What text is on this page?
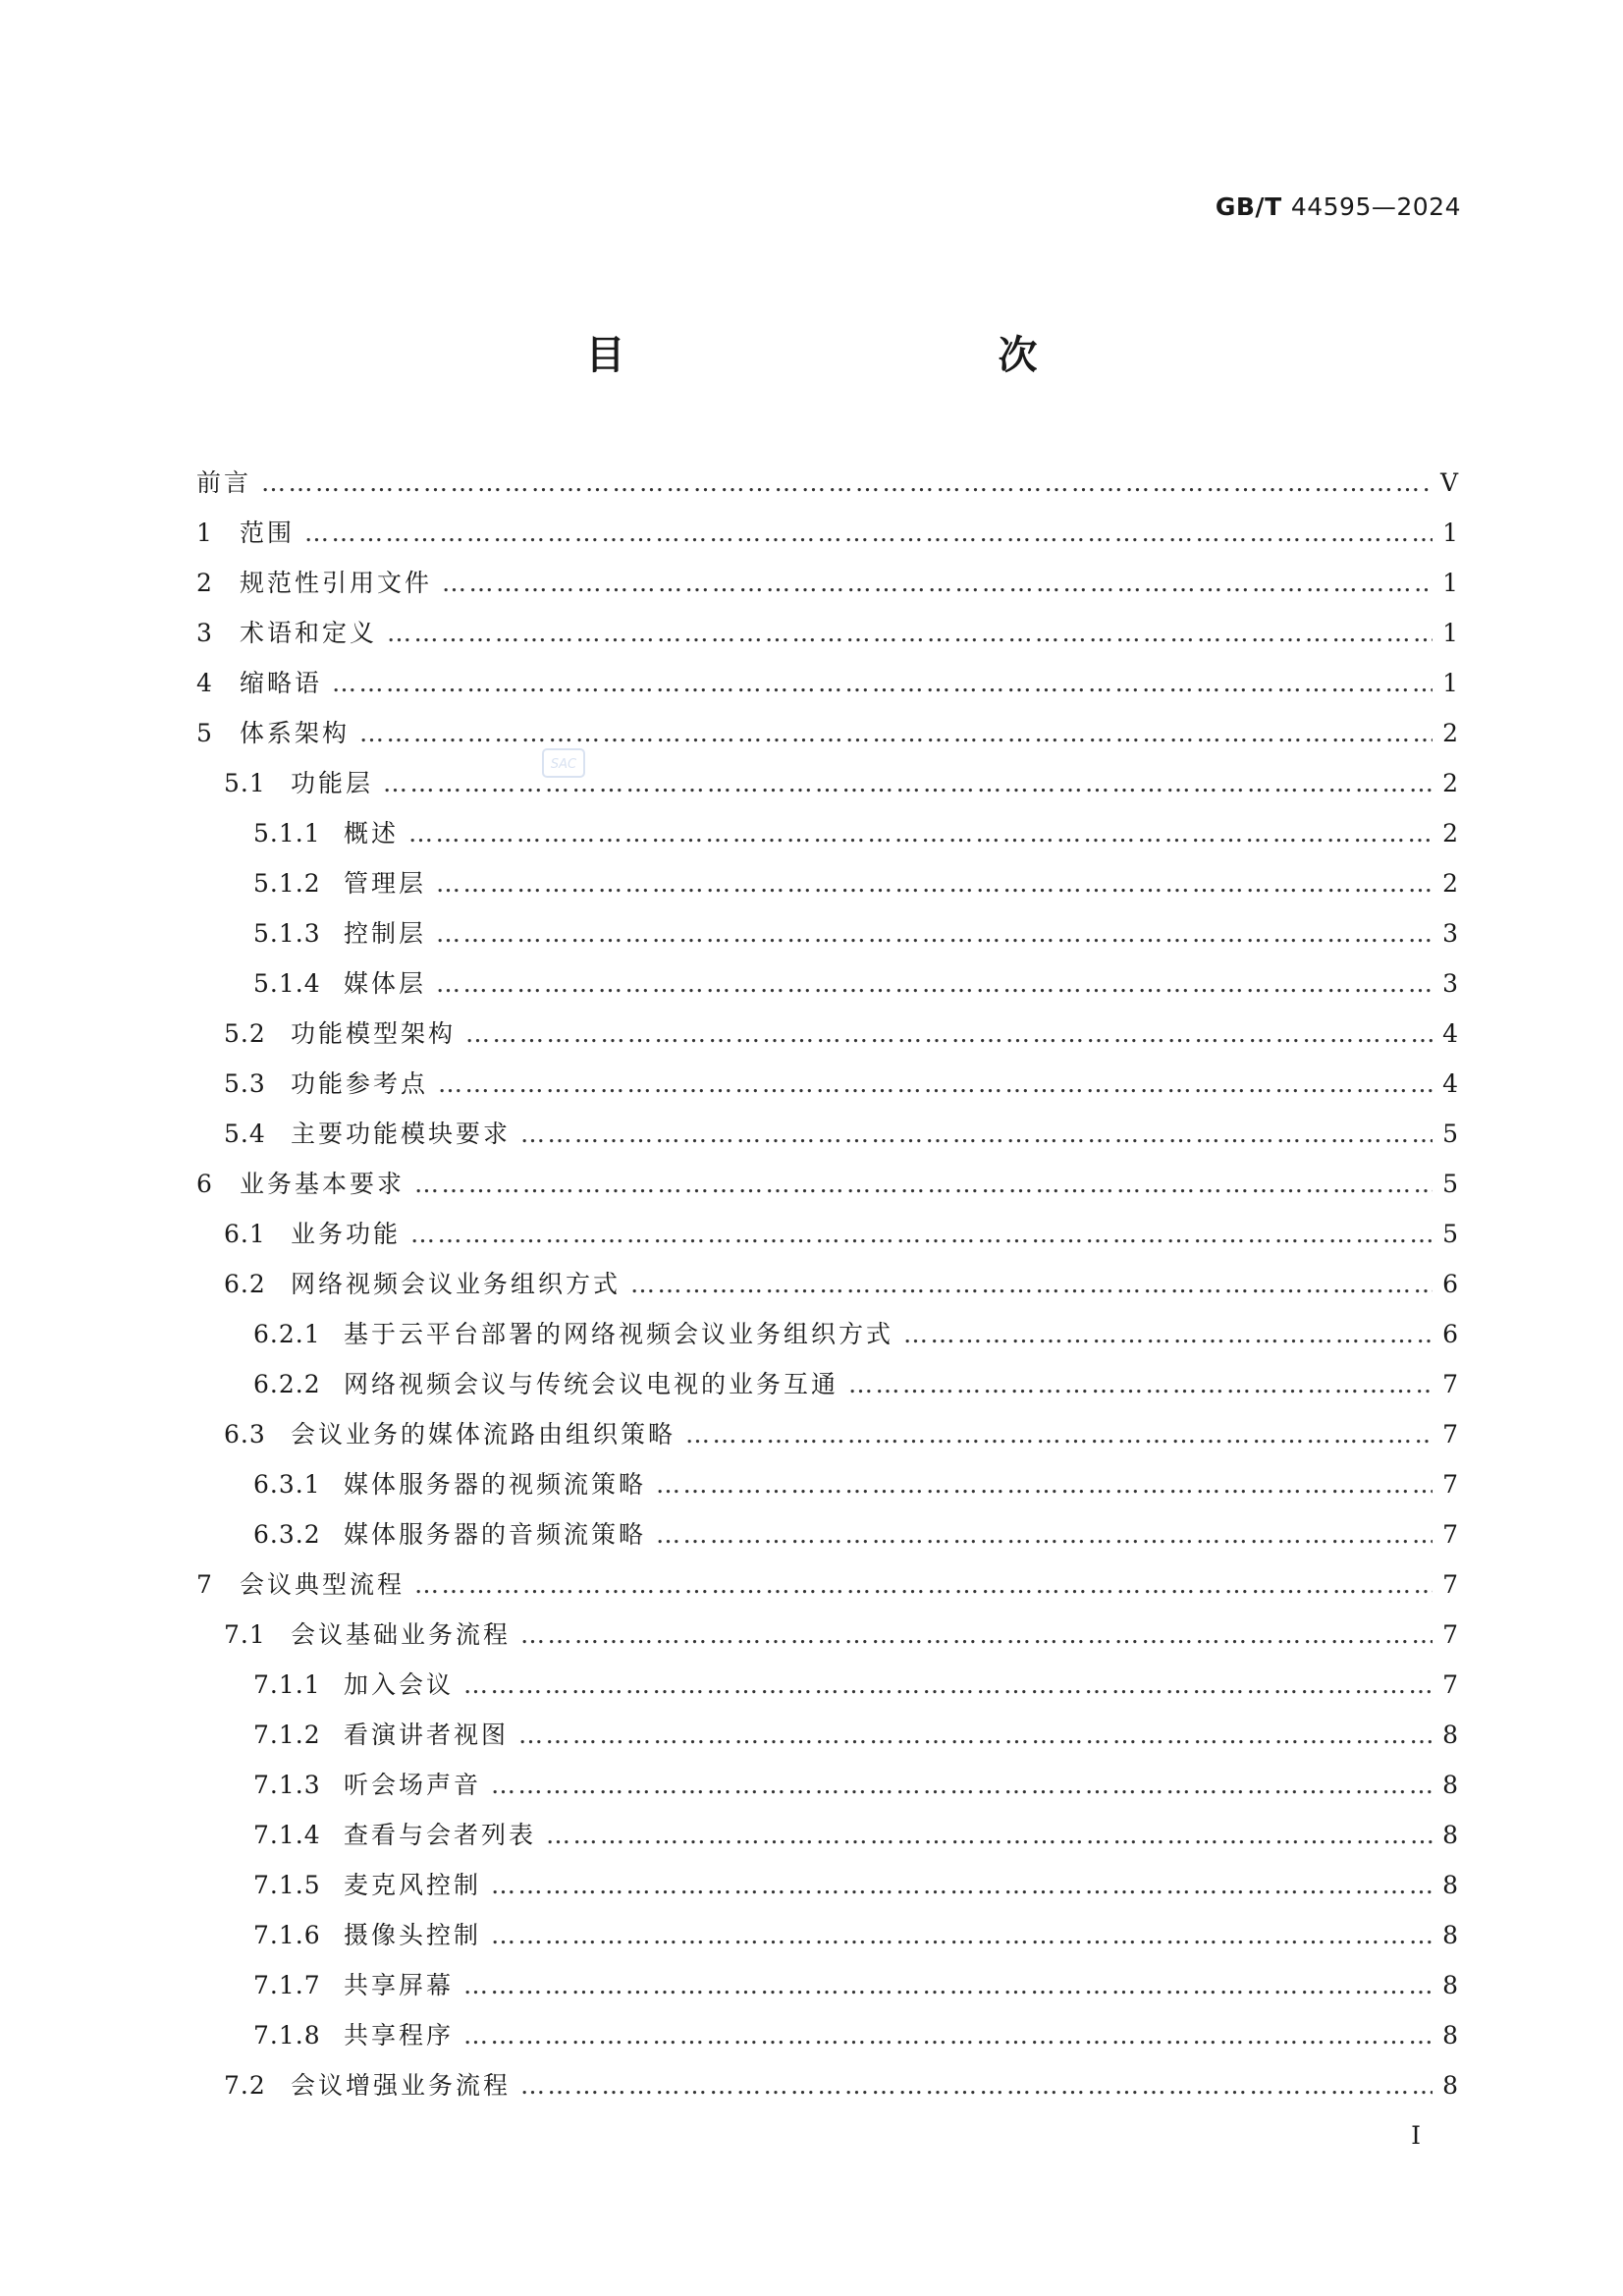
GB/T 44595—2024
目　　次
SAC
前言 ……………………………………………………………………………………………………………………………………………………………………………………………………………………	Ⅴ
1	范围 ……………………………………………………………………………………………………………………………………………………………………………………………………………………	1
2	规范性引用文件 ……………………………………………………………………………………………………………………………………………………………………………………………………………………	1
3	术语和定义 ……………………………………………………………………………………………………………………………………………………………………………………………………………………	1
4	缩略语 ……………………………………………………………………………………………………………………………………………………………………………………………………………………	1
5	体系架构 ……………………………………………………………………………………………………………………………………………………………………………………………………………………	2
5.1	功能层 ……………………………………………………………………………………………………………………………………………………………………………………………………………………	2
5.1.1 概述 ……………………………………………………………………………………………………………………………………………………………………………………………………………………	2
5.1.2 管理层 ……………………………………………………………………………………………………………………………………………………………………………………………………………………	2
5.1.3 控制层 ……………………………………………………………………………………………………………………………………………………………………………………………………………………	3
5.1.4 媒体层 ……………………………………………………………………………………………………………………………………………………………………………………………………………………	3
5.2	功能模型架构 ……………………………………………………………………………………………………………………………………………………………………………………………………………………	4
5.3	功能参考点 ……………………………………………………………………………………………………………………………………………………………………………………………………………………	4
5.4	主要功能模块要求 ……………………………………………………………………………………………………………………………………………………………………………………………………………………	5
6	业务基本要求 ……………………………………………………………………………………………………………………………………………………………………………………………………………………	5
6.1	业务功能 ……………………………………………………………………………………………………………………………………………………………………………………………………………………	5
6.2	网络视频会议业务组织方式 ……………………………………………………………………………………………………………………………………………………………………………………………………………………	6
6.2.1 基于云平台部署的网络视频会议业务组织方式 ……………………………………………………………………………………………………………………………………………………………………………………………………………………	6
6.2.2 网络视频会议与传统会议电视的业务互通 ……………………………………………………………………………………………………………………………………………………………………………………………………………………	7
6.3	会议业务的媒体流路由组织策略 ……………………………………………………………………………………………………………………………………………………………………………………………………………………	7
6.3.1 媒体服务器的视频流策略 ……………………………………………………………………………………………………………………………………………………………………………………………………………………	7
6.3.2 媒体服务器的音频流策略 ……………………………………………………………………………………………………………………………………………………………………………………………………………………	7
7	会议典型流程 ……………………………………………………………………………………………………………………………………………………………………………………………………………………	7
7.1	会议基础业务流程 ……………………………………………………………………………………………………………………………………………………………………………………………………………………	7
7.1.1 加入会议 ……………………………………………………………………………………………………………………………………………………………………………………………………………………	7
7.1.2 看演讲者视图 ……………………………………………………………………………………………………………………………………………………………………………………………………………………	8
7.1.3 听会场声音 ……………………………………………………………………………………………………………………………………………………………………………………………………………………	8
7.1.4 查看与会者列表 ……………………………………………………………………………………………………………………………………………………………………………………………………………………	8
7.1.5 麦克风控制 ……………………………………………………………………………………………………………………………………………………………………………………………………………………	8
7.1.6 摄像头控制 ……………………………………………………………………………………………………………………………………………………………………………………………………………………	8
7.1.7 共享屏幕 ……………………………………………………………………………………………………………………………………………………………………………………………………………………	8
7.1.8 共享程序 ……………………………………………………………………………………………………………………………………………………………………………………………………………………	8
7.2	会议增强业务流程 ……………………………………………………………………………………………………………………………………………………………………………………………………………………	8
Ⅰ
